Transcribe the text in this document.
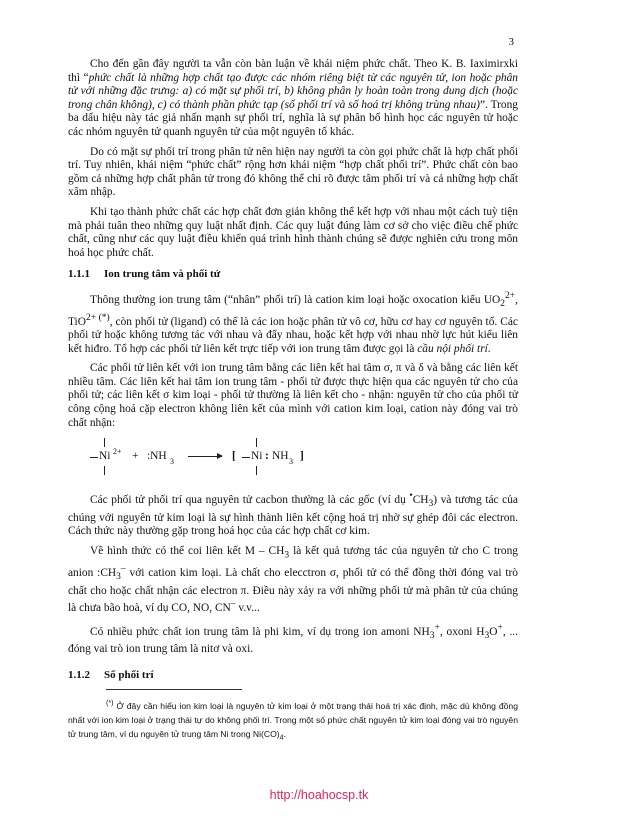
3

Cho đến gần đây người ta vẫn còn bàn luận về khái niệm phức chất. Theo K. B. Iaximirxki thì “phức chất là những hợp chất tạo được các nhóm riêng biệt từ các nguyên tử, ion hoặc phân tử với những đặc trưng: a) có mặt sự phối trí, b) không phân ly hoàn toàn trong dung dịch (hoặc trong chân không), c) có thành phần phức tạp (số phối trí và số hoá trị không trùng nhau)”. Trong ba dấu hiệu này tác giả nhấn mạnh sự phối trí, nghĩa là sự phân bố hình học các nguyên tử hoặc các nhóm nguyên tử quanh nguyên tử của một nguyên tố khác.

Do có mặt sự phối trí trong phân tử nên hiện nay người ta còn gọi phức chất là hợp chất phối trí. Tuy nhiên, khái niệm “phức chất” rộng hơn khái niệm “hợp chất phối trí”. Phức chất còn bao gồm cả những hợp chất phân tử trong đó không thể chỉ rõ được tâm phối trí và cả những hợp chất xâm nhập.

Khi tạo thành phức chất các hợp chất đơn giản không thể kết hợp với nhau một cách tuỳ tiện mà phải tuân theo những quy luật nhất định. Các quy luật đúng làm cơ sở cho việc điều chế phức chất, cũng như các quy luật điều khiển quá trình hình thành chúng sẽ được nghiên cứu trong môn hoá học phức chất.

1.1.1 Ion trung tâm và phối tử

Thông thường ion trung tâm (“nhân” phối trí) là cation kim loại hoặc oxocation kiểu $UO_2^{2+}$, TiO$^{2+ (*)}$, còn phối tử (ligand) có thể là các ion hoặc phân tử vô cơ, hữu cơ hay cơ nguyên tố. Các phối tử hoặc không tương tác với nhau và đẩy nhau, hoặc kết hợp với nhau nhờ lực hút kiểu liên kết hiđro. Tổ hợp các phối tử liên kết trực tiếp với ion trung tâm được gọi là cầu nội phối trí.

Các phối tử liên kết với ion trung tâm bằng các liên kết hai tâm σ, π và δ và bằng các liên kết nhiều tâm. Các liên kết hai tâm ion trung tâm - phối tử được thực hiện qua các nguyên tử cho của phối tử; các liên kết σ kim loại - phối tử thường là liên kết cho - nhận: nguyên tử cho của phối tử công cộng hoá cặp electron không liên kết của mình với cation kim loại, cation này đóng vai trò chất nhận:

Ni 2+ + :NH 3 → [ Ni : NH 3 ]

Các phối tử phối trí qua nguyên tử cacbon thường là các gốc (ví dụ $^•CH_3$) và tương tác của chúng với nguyên tử kim loại là sự hình thành liên kết cộng hoá trị nhờ sự ghép đôi các electron. Cách thức này thường gặp trong hoá học của các hợp chất cơ kim.

Về hình thức có thể coi liên kết M – $CH_3$ là kết quả tương tác của nguyên tử cho C trong anion $:CH_3^-$ với cation kim loại. Là chất cho elecctron σ, phối tử có thể đồng thời đóng vai trò chất cho hoặc chất nhận các electron π. Điều này xảy ra với những phối tử mà phân tử của chúng là chưa bão hoà, ví dụ CO, NO, CN– v.v...

Có nhiều phức chất ion trung tâm là phi kim, ví dụ trong ion amoni $NH_3^+$, oxoni $H_3O^+$, ... đóng vai trò ion trung tâm là nitơ và oxi.

1.1.2 Số phối trí
(*) Ở đây cần hiểu ion kim loại là nguyên tử kim loại ở một trạng thái hoá trị xác định, mặc dù không đồng nhất với ion kim loại ở trạng thái tự do không phối trí. Trong một số phức chất nguyên tử kim loại đóng vai trò nguyên tử trung tâm, ví dụ nguyên tử trung tâm Ni trong $Ni(CO)_4$.
http://hoahocsp.tk
